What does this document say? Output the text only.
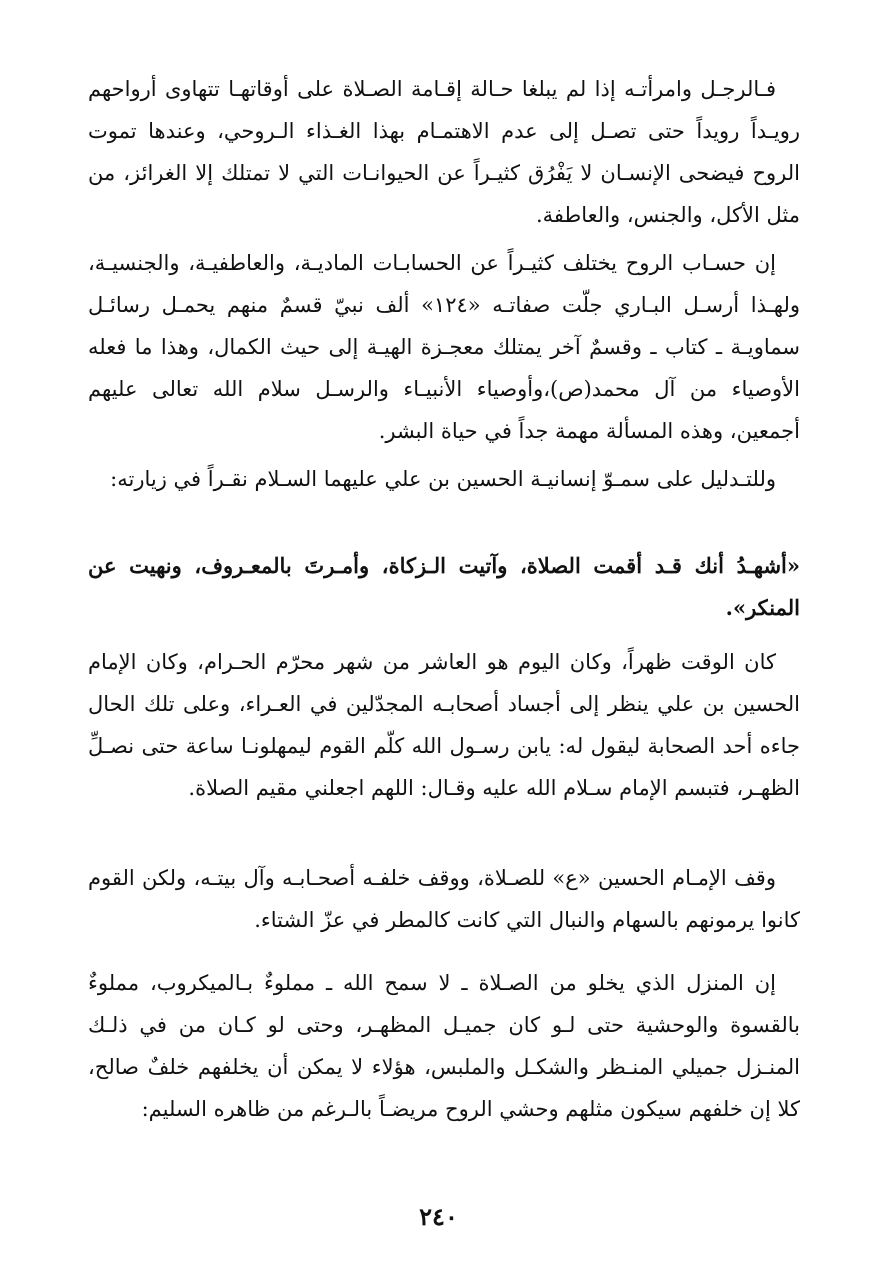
فـالرجـل وامرأتـه إذا لم يبلغا حـالة إقـامة الصـلاة على أوقاتهـا تتهاوى أرواحهم رويـداً رويداً حتى تصـل إلى عدم الاهتمـام بهذا الغـذاء الـروحي، وعندها تموت الروح فيضحى الإنسـان لا يَفْرُق كثيـراً عن الحيوانـات التي لا تمتلك إلا الغرائز، من مثل الأكل، والجنس، والعاطفة.

إن حسـاب الروح يختلف كثيـراً عن الحسابـات الماديـة، والعاطفيـة، والجنسيـة، ولهـذا أرسـل البـاري جلّت صفاتـه «١٢٤» ألف نبيّ قسمٌ منهم يحمـل رسائـل سماويـة ـ كتاب ـ وقسمٌ آخر يمتلك معجـزة الهيـة إلى حيث الكمال، وهذا ما فعله الأوصياء من آل محمد(ص)،وأوصياء الأنبيـاء والرسـل سلام الله تعالى عليهم أجمعين، وهذه المسألة مهمة جداً في حياة البشر.

وللتـدليل على سمـوّ إنسانيـة الحسين بن علي عليهما السـلام نقـراً في زيارته:

«أشهـدُ أنك قـد أقمت الصلاة، وآتيت الـزكاة، وأمـرتَ بالمعـروف، ونهيت عن المنكر».

كان الوقت ظهراً، وكان اليوم هو العاشر من شهر محرّم الحـرام، وكان الإمام الحسين بن علي ينظر إلى أجساد أصحابـه المجدّلين في العـراء، وعلى تلك الحال جاءه أحد الصحابة ليقول له: يابن رسـول الله كلّم القوم ليمهلونـا ساعة حتى نصـلِّ الظهـر، فتبسم الإمام سـلام الله عليه وقـال: اللهم اجعلني مقيم الصلاة.

وقف الإمـام الحسين «ع» للصـلاة، ووقف خلفـه أصحـابـه وآل بيتـه، ولكن القوم كانوا يرمونهم بالسهام والنبال التي كانت كالمطر في عزّ الشتاء.

إن المنزل الذي يخلو من الصـلاة ـ لا سمح الله ـ مملوءٌ بـالميكروب، مملوءٌ بالقسوة والوحشية حتى لـو كان جميـل المظهـر، وحتى لو كـان من في ذلـك المنـزل جميلي المنـظر والشكـل والملبس، هؤلاء لا يمكن أن يخلفهم خلفٌ صالح، كلا إن خلفهم سيكون مثلهم وحشي الروح مريضـاً بالـرغم من ظاهره السليم:

٢٤٠
